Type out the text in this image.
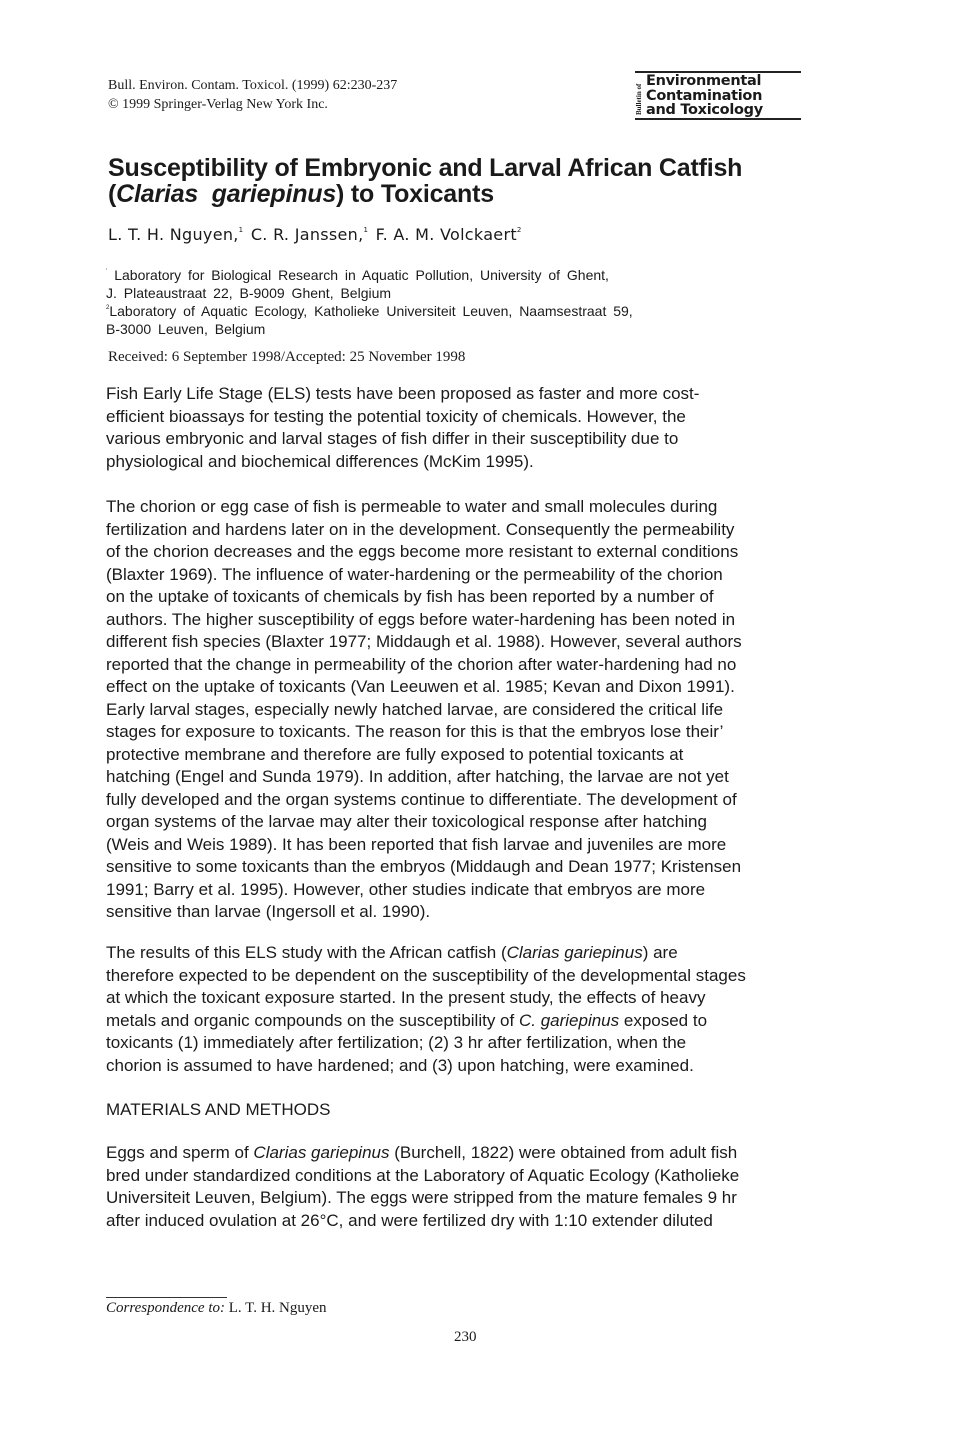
Bull. Environ. Contam. Toxicol. (1999) 62:230-237
© 1999 Springer-Verlag New York Inc.	Bulletin of
Environmental
Contamination
and Toxicology
Susceptibility of Embryonic and Larval African Catfish
(Clarias  gariepinus) to Toxicants
L. T. H. Nguyen,$^1$ C. R. Janssen,$^1$ F. A. M. Volckaert$^2$
’ Laboratory for Biological Research in Aquatic Pollution, University of Ghent,
J. Plateaustraat 22, B-9009 Ghent, Belgium
$^2$Laboratory of Aquatic Ecology, Katholieke Universiteit Leuven, Naamsestraat 59,
B-3000 Leuven, Belgium
Received: 6 September 1998/Accepted: 25 November 1998
Fish Early Life Stage (ELS) tests have been proposed as faster and more cost-
efficient bioassays for testing the potential toxicity of chemicals. However, the
various embryonic and larval stages of fish differ in their susceptibility due to
physiological and biochemical differences (McKim 1995).
The chorion or egg case of fish is permeable to water and small molecules during
fertilization and hardens later on in the development. Consequently the permeability
of the chorion decreases and the eggs become more resistant to external conditions
(Blaxter 1969). The influence of water-hardening or the permeability of the chorion
on the uptake of toxicants of chemicals by fish has been reported by a number of
authors. The higher susceptibility of eggs before water-hardening has been noted in
different fish species (Blaxter 1977; Middaugh et al. 1988). However, several authors
reported that the change in permeability of the chorion after water-hardening had no
effect on the uptake of toxicants (Van Leeuwen et al. 1985; Kevan and Dixon 1991).
Early larval stages, especially newly hatched larvae, are considered the critical life
stages for exposure to toxicants. The reason for this is that the embryos lose their’
protective membrane and therefore are fully exposed to potential toxicants at
hatching (Engel and Sunda 1979). In addition, after hatching, the larvae are not yet
fully developed and the organ systems continue to differentiate. The development of
organ systems of the larvae may alter their toxicological response after hatching
(Weis and Weis 1989). It has been reported that fish larvae and juveniles are more
sensitive to some toxicants than the embryos (Middaugh and Dean 1977; Kristensen
1991; Barry et al. 1995). However, other studies indicate that embryos are more
sensitive than larvae (Ingersoll et al. 1990).
The results of this ELS study with the African catfish (Clarias gariepinus) are
therefore expected to be dependent on the susceptibility of the developmental stages
at which the toxicant exposure started. In the present study, the effects of heavy
metals and organic compounds on the susceptibility of C. gariepinus exposed to
toxicants (1) immediately after fertilization; (2) 3 hr after fertilization, when the
chorion is assumed to have hardened; and (3) upon hatching, were examined.
MATERIALS AND METHODS
Eggs and sperm of Clarias gariepinus (Burchell, 1822) were obtained from adult fish
bred under standardized conditions at the Laboratory of Aquatic Ecology (Katholieke
Universiteit Leuven, Belgium). The eggs were stripped from the mature females 9 hr
after induced ovulation at 26°C, and were fertilized dry with 1:10 extender diluted
Correspondence to: L. T. H. Nguyen
230
